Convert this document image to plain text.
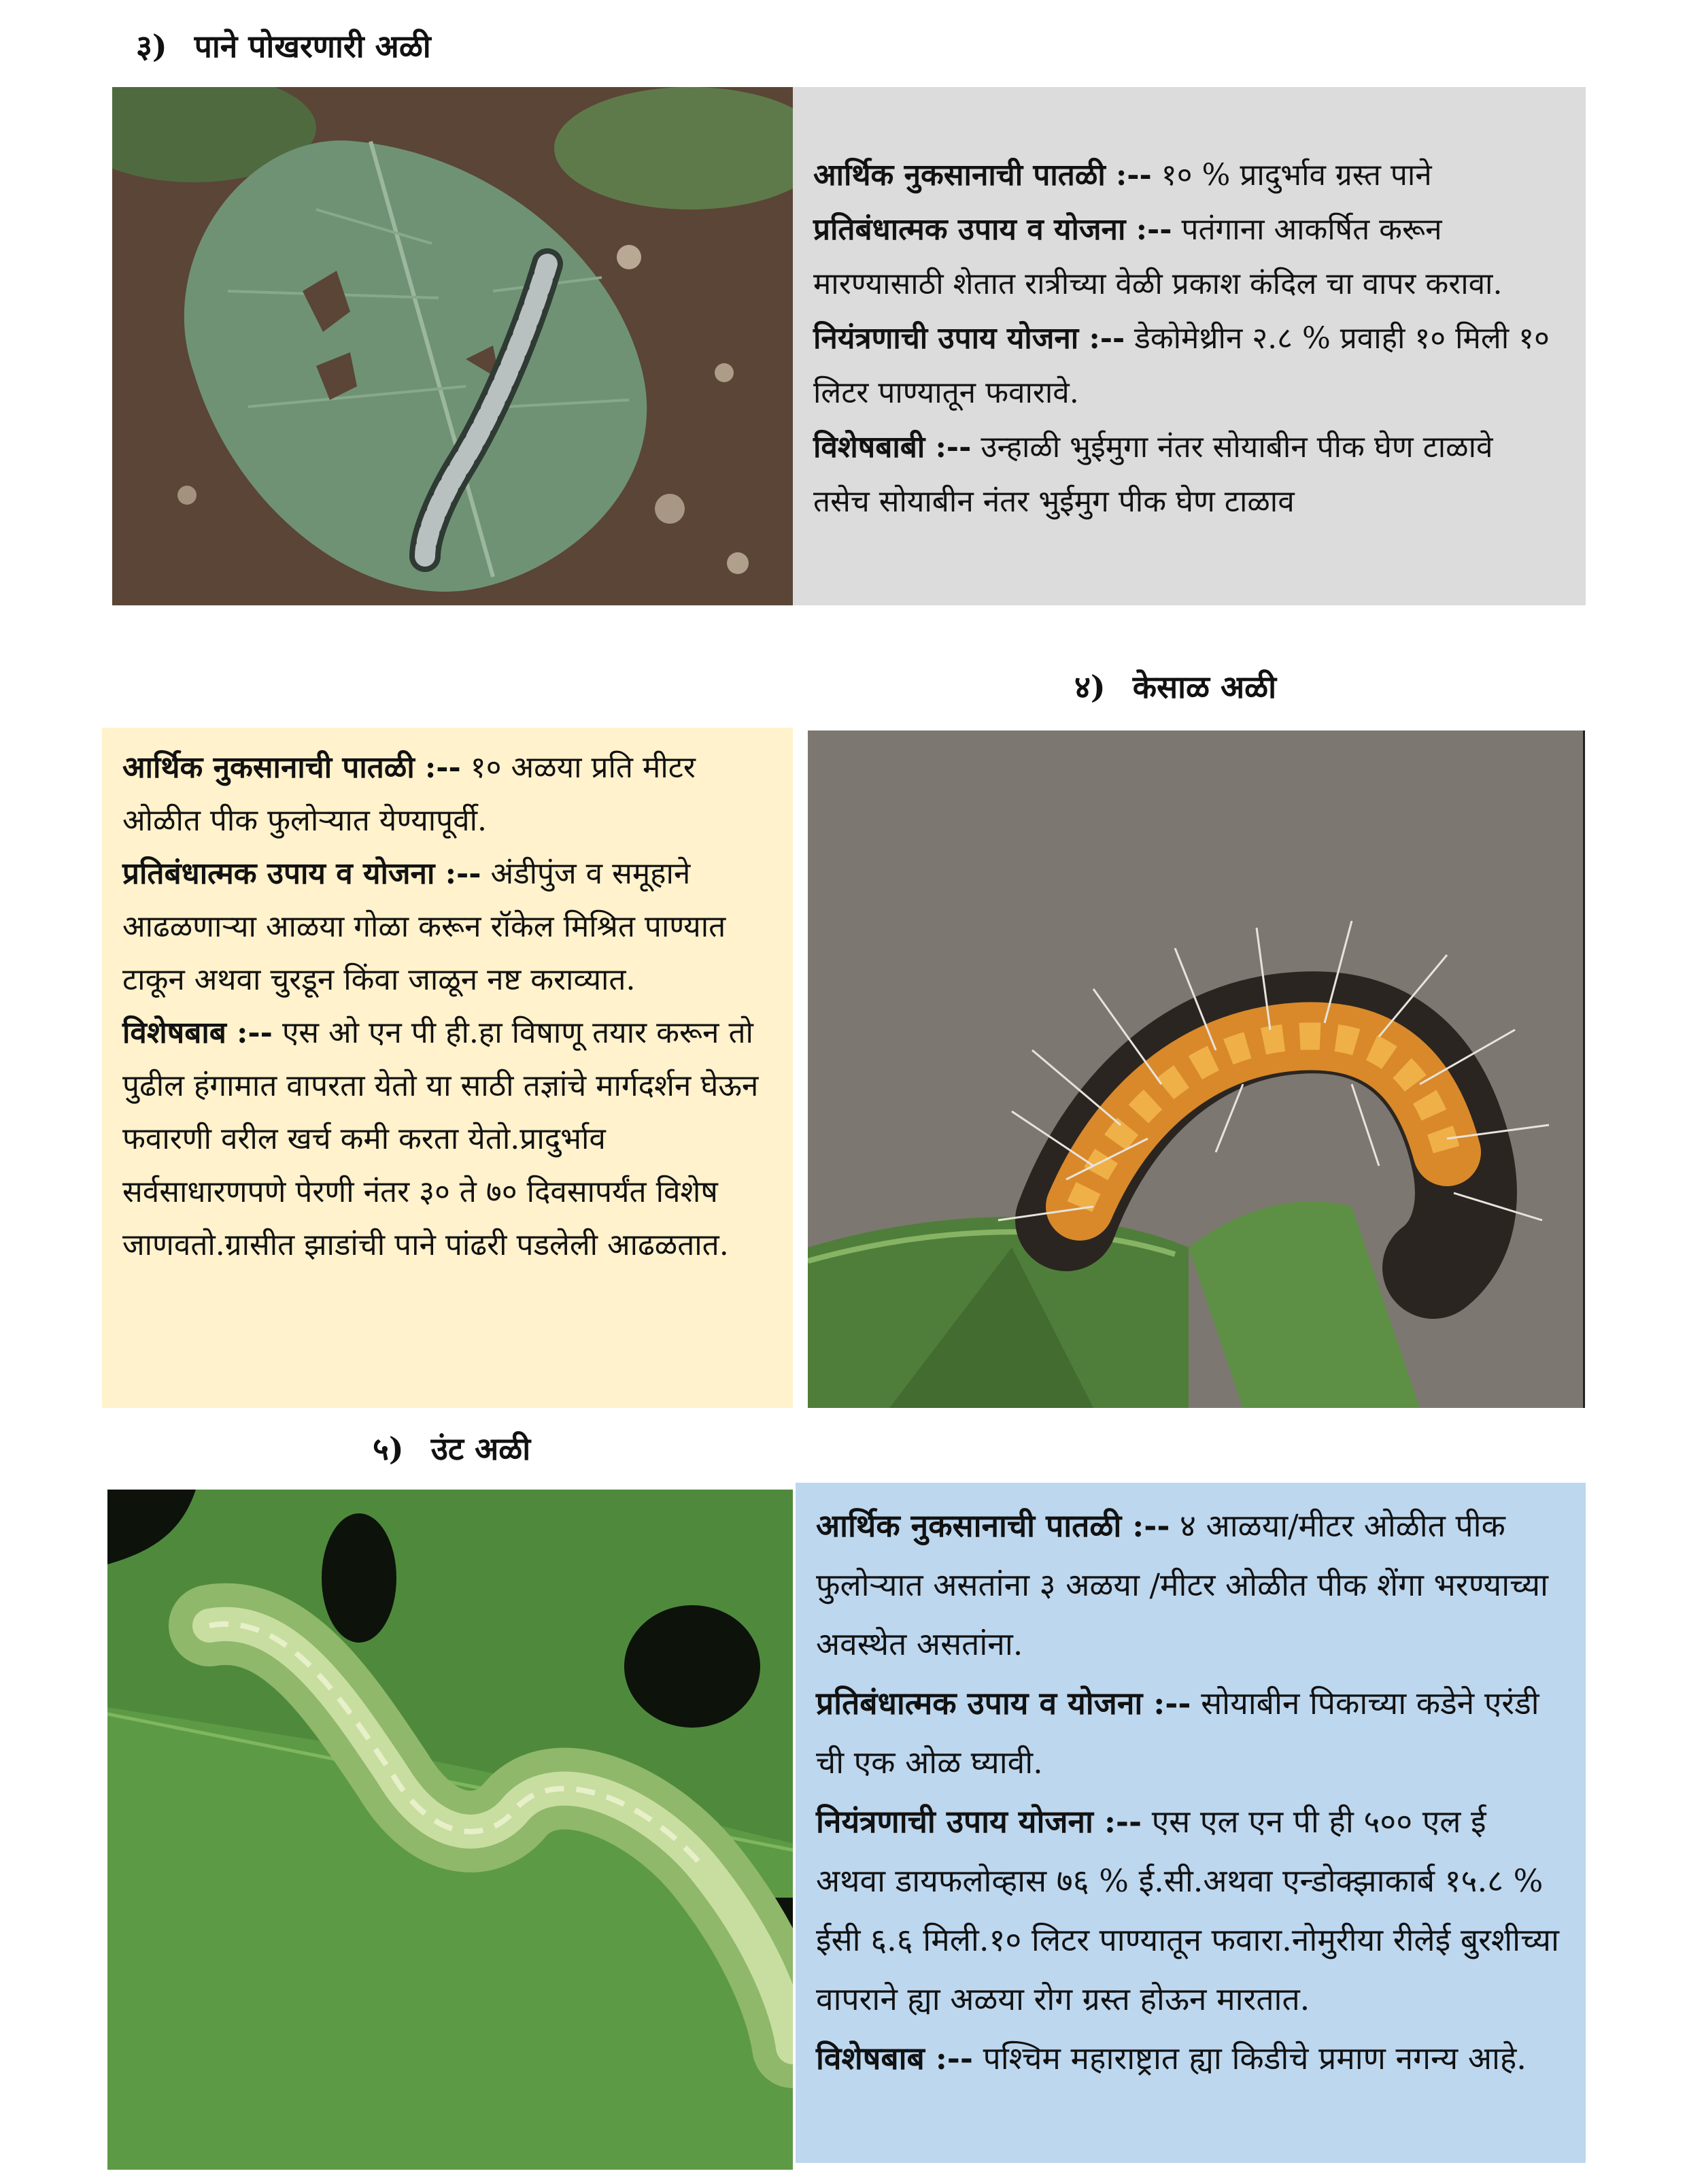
३) पाने पोखरणारी अळी

आर्थिक नुकसानाची पातळी :-- १० % प्रादुर्भाव ग्रस्त पाने

प्रतिबंधात्मक उपाय व योजना :-- पतंगाना आकर्षित करून मारण्यासाठी शेतात रात्रीच्या वेळी प्रकाश कंदिल चा वापर करावा.

नियंत्रणाची उपाय योजना :-- डेकोमेथ्रीन २.८ % प्रवाही १० मिली १० लिटर पाण्यातून फवारावे.

विशेषबाबी :-- उन्हाळी भुईमुगा नंतर सोयाबीन पीक घेण टाळावे तसेच सोयाबीन नंतर भुईमुग पीक घेण टाळाव

४) केसाळ अळी

आर्थिक नुकसानाची पातळी :-- १० अळया प्रति मीटर ओळीत पीक फुलोऱ्यात येण्यापूर्वी.

प्रतिबंधात्मक उपाय व योजना :-- अंडीपुंज व समूहाने आढळणाऱ्या आळया गोळा करून रॉकेल मिश्रित पाण्यात टाकून अथवा चुरडून किंवा जाळून नष्ट कराव्यात.

विशेषबाब :-- एस ओ एन पी ही.हा विषाणू तयार करून तो पुढील हंगामात वापरता येतो या साठी तज्ञांचे मार्गदर्शन घेऊन फवारणी वरील खर्च कमी करता येतो.प्रादुर्भाव सर्वसाधारणपणे पेरणी नंतर ३० ते ७० दिवसापर्यंत विशेष जाणवतो.ग्रासीत झाडांची पाने पांढरी पडलेली आढळतात.

५) उंट अळी

आर्थिक नुकसानाची पातळी :-- ४ आळया/मीटर ओळीत पीक फुलोऱ्यात असतांना ३ अळया /मीटर ओळीत पीक शेंगा भरण्याच्या अवस्थेत असतांना.

प्रतिबंधात्मक उपाय व योजना :-- सोयाबीन पिकाच्या कडेने एरंडी ची एक ओळ घ्यावी.

नियंत्रणाची उपाय योजना :-- एस एल एन पी ही ५०० एल ई अथवा डायफलोव्हास ७६ % ई.सी.अथवा एन्डोक्झाकार्ब १५.८ % ईसी ६.६ मिली.१० लिटर पाण्यातून फवारा.नोमुरीया रीलेई बुरशीच्या वापराने ह्या अळया रोग ग्रस्त होऊन मारतात.

विशेषबाब :-- पश्चिम महाराष्ट्रात ह्या किडीचे प्रमाण नगन्य आहे.
